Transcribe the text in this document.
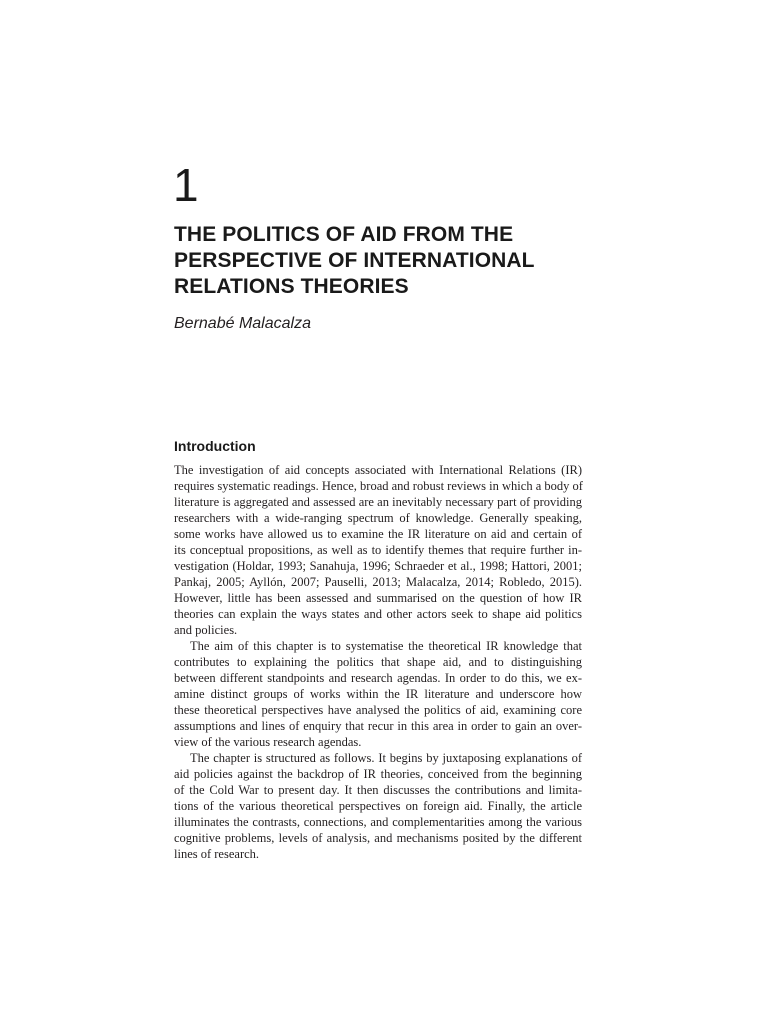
1
THE POLITICS OF AID FROM THE
PERSPECTIVE OF INTERNATIONAL
RELATIONS THEORIES
Bernabé Malacalza
Introduction
The investigation of aid concepts associated with International Relations (IR)
requires systematic readings. Hence, broad and robust reviews in which a body of
literature is aggregated and assessed are an inevitably necessary part of providing
researchers with a wide-ranging spectrum of knowledge. Generally speaking,
some works have allowed us to examine the IR literature on aid and certain of
its conceptual propositions, as well as to identify themes that require further in-
vestigation (Holdar, 1993; Sanahuja, 1996; Schraeder et al., 1998; Hattori, 2001;
Pankaj, 2005; Ayllón, 2007; Pauselli, 2013; Malacalza, 2014; Robledo, 2015).
However, little has been assessed and summarised on the question of how IR
theories can explain the ways states and other actors seek to shape aid politics
and policies.
The aim of this chapter is to systematise the theoretical IR knowledge that
contributes to explaining the politics that shape aid, and to distinguishing
between different standpoints and research agendas. In order to do this, we ex-
amine distinct groups of works within the IR literature and underscore how
these theoretical perspectives have analysed the politics of aid, examining core
assumptions and lines of enquiry that recur in this area in order to gain an over-
view of the various research agendas.
The chapter is structured as follows. It begins by juxtaposing explanations of
aid policies against the backdrop of IR theories, conceived from the beginning
of the Cold War to present day. It then discusses the contributions and limita-
tions of the various theoretical perspectives on foreign aid. Finally, the article
illuminates the contrasts, connections, and complementarities among the various
cognitive problems, levels of analysis, and mechanisms posited by the different
lines of research.
